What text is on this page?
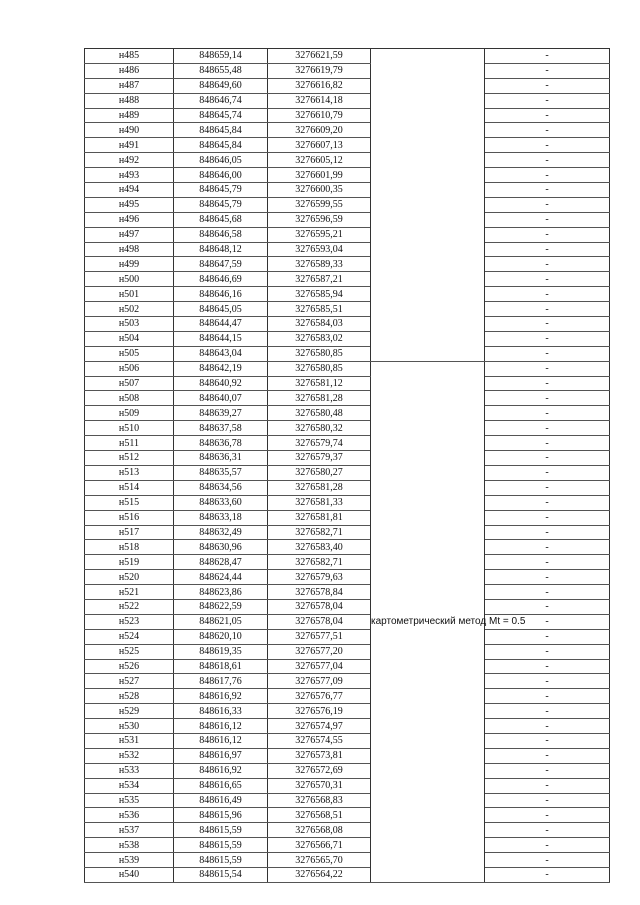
н485	848659,14	3276621,59		-
н486	848655,48	3276619,79		-
н487	848649,60	3276616,82		-
н488	848646,74	3276614,18		-
н489	848645,74	3276610,79		-
н490	848645,84	3276609,20		-
н491	848645,84	3276607,13		-
н492	848646,05	3276605,12		-
н493	848646,00	3276601,99		-
н494	848645,79	3276600,35		-
н495	848645,79	3276599,55		-
н496	848645,68	3276596,59		-
н497	848646,58	3276595,21		-
н498	848648,12	3276593,04		-
н499	848647,59	3276589,33		-
н500	848646,69	3276587,21		-
н501	848646,16	3276585,94		-
н502	848645,05	3276585,51		-
н503	848644,47	3276584,03		-
н504	848644,15	3276583,02		-
н505	848643,04	3276580,85		-
н506	848642,19	3276580,85	картометрический метод Mt = 0.5	-
н507	848640,92	3276581,12		-
н508	848640,07	3276581,28		-
н509	848639,27	3276580,48		-
н510	848637,58	3276580,32		-
н511	848636,78	3276579,74		-
н512	848636,31	3276579,37		-
н513	848635,57	3276580,27		-
н514	848634,56	3276581,28		-
н515	848633,60	3276581,33		-
н516	848633,18	3276581,81		-
н517	848632,49	3276582,71		-
н518	848630,96	3276583,40		-
н519	848628,47	3276582,71		-
н520	848624,44	3276579,63		-
н521	848623,86	3276578,84		-
н522	848622,59	3276578,04		-
н523	848621,05	3276578,04		-
н524	848620,10	3276577,51		-
н525	848619,35	3276577,20		-
н526	848618,61	3276577,04		-
н527	848617,76	3276577,09		-
н528	848616,92	3276576,77		-
н529	848616,33	3276576,19		-
н530	848616,12	3276574,97		-
н531	848616,12	3276574,55		-
н532	848616,97	3276573,81		-
н533	848616,92	3276572,69		-
н534	848616,65	3276570,31		-
н535	848616,49	3276568,83		-
н536	848615,96	3276568,51		-
н537	848615,59	3276568,08		-
н538	848615,59	3276566,71		-
н539	848615,59	3276565,70		-
н540	848615,54	3276564,22		-
